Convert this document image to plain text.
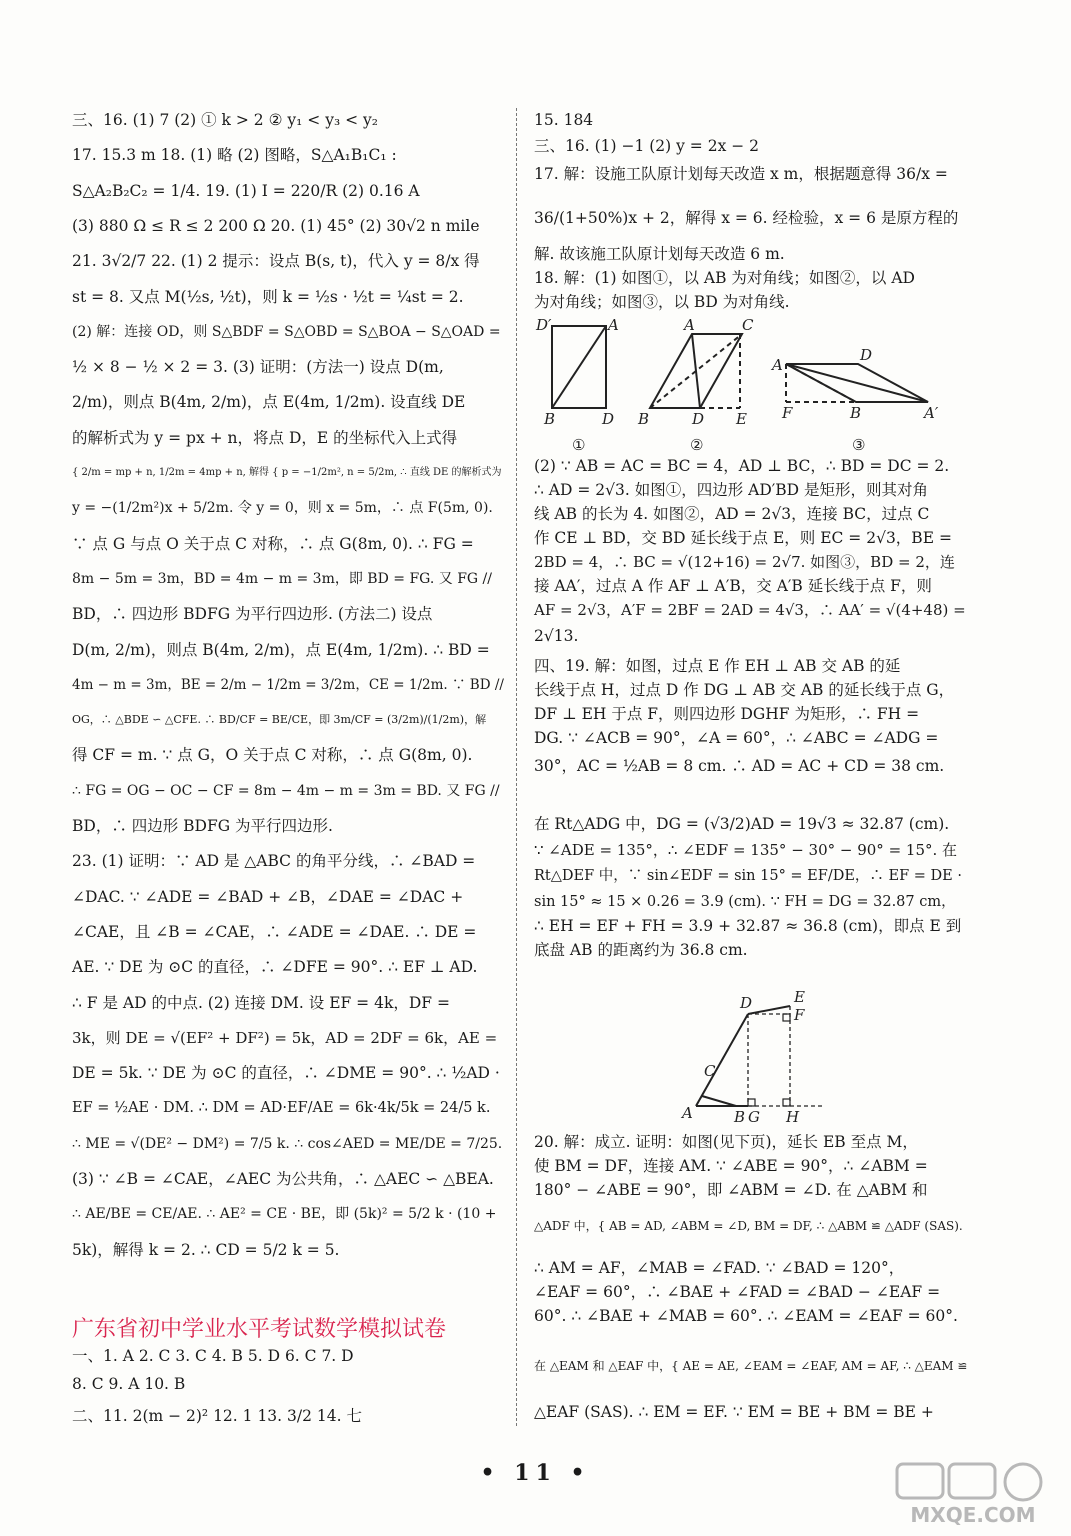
三、16. (1) 7 (2) ① k > 2 ② y₁ < y₃ < y₂
17. 15.3 m 18. (1) 略 (2) 图略，S△A₁B₁C₁ :
S△A₂B₂C₂ = 1/4. 19. (1) I = 220/R (2) 0.16 A
(3) 880 Ω ≤ R ≤ 2 200 Ω 20. (1) 45° (2) 30√2 n mile
21. 3√2/7 22. (1) 2 提示：设点 B(s, t)，代入 y = 8/x 得
st = 8. 又点 M(½s, ½t)，则 k = ½s · ½t = ¼st = 2.
(2) 解：连接 OD，则 S△BDF = S△OBD = S△BOA − S△OAD =
½ × 8 − ½ × 2 = 3. (3) 证明：(方法一) 设点 D(m,
2/m)，则点 B(4m, 2/m)，点 E(4m, 1/2m). 设直线 DE
的解析式为 y = px + n，将点 D，E 的坐标代入上式得
{ 2/m = mp + n, 1/2m = 4mp + n, 解得 { p = −1/2m², n = 5/2m, ∴ 直线 DE 的解析式为
y = −(1/2m²)x + 5/2m. 令 y = 0，则 x = 5m，∴ 点 F(5m, 0).
∵ 点 G 与点 O 关于点 C 对称，∴ 点 G(8m, 0). ∴ FG =
8m − 5m = 3m，BD = 4m − m = 3m，即 BD = FG. 又 FG //
BD，∴ 四边形 BDFG 为平行四边形. (方法二) 设点
D(m, 2/m)，则点 B(4m, 2/m)，点 E(4m, 1/2m). ∴ BD =
4m − m = 3m，BE = 2/m − 1/2m = 3/2m，CE = 1/2m. ∵ BD //
OG，∴ △BDE ∽ △CFE. ∴ BD/CF = BE/CE，即 3m/CF = (3/2m)/(1/2m)，解
得 CF = m. ∵ 点 G，O 关于点 C 对称，∴ 点 G(8m, 0).
∴ FG = OG − OC − CF = 8m − 4m − m = 3m = BD. 又 FG //
BD，∴ 四边形 BDFG 为平行四边形.
23. (1) 证明：∵ AD 是 △ABC 的角平分线，∴ ∠BAD =
∠DAC. ∵ ∠ADE = ∠BAD + ∠B，∠DAE = ∠DAC +
∠CAE，且 ∠B = ∠CAE，∴ ∠ADE = ∠DAE. ∴ DE =
AE. ∵ DE 为 ⊙C 的直径，∴ ∠DFE = 90°. ∴ EF ⊥ AD.
∴ F 是 AD 的中点. (2) 连接 DM. 设 EF = 4k，DF =
3k，则 DE = √(EF² + DF²) = 5k，AD = 2DF = 6k，AE =
DE = 5k. ∵ DE 为 ⊙C 的直径，∴ ∠DME = 90°. ∴ ½AD ·
EF = ½AE · DM. ∴ DM = AD·EF/AE = 6k·4k/5k = 24/5 k.
∴ ME = √(DE² − DM²) = 7/5 k. ∴ cos∠AED = ME/DE = 7/25.
(3) ∵ ∠B = ∠CAE，∠AEC 为公共角，∴ △AEC ∽ △BEA.
∴ AE/BE = CE/AE. ∴ AE² = CE · BE，即 (5k)² = 5/2 k · (10 +
5k)，解得 k = 2. ∴ CD = 5/2 k = 5.
广东省初中学业水平考试数学模拟试卷
一、1. A 2. C 3. C 4. B 5. D 6. C 7. D
8. C 9. A 10. B
二、11. 2(m − 2)² 12. 1 13. 3/2 14. 七
15. 184
三、16. (1) −1 (2) y = 2x − 2
17. 解：设施工队原计划每天改造 x m，根据题意得 36/x =
36/(1+50%)x + 2，解得 x = 6. 经检验，x = 6 是原方程的
解. 故该施工队原计划每天改造 6 m.
18. 解：(1) 如图①，以 AB 为对角线；如图②，以 AD
为对角线；如图③，以 BD 为对角线.
(2) ∵ AB = AC = BC = 4，AD ⊥ BC，∴ BD = DC = 2.
∴ AD = 2√3. 如图①，四边形 AD′BD 是矩形，则其对角
线 AB 的长为 4. 如图②，AD = 2√3，连接 BC，过点 C
作 CE ⊥ BD，交 BD 延长线于点 E，则 EC = 2√3，BE =
2BD = 4，∴ BC = √(12+16) = 2√7. 如图③，BD = 2，连
接 AA′，过点 A 作 AF ⊥ A′B，交 A′B 延长线于点 F，则
AF = 2√3，A′F = 2BF = 2AD = 4√3，∴ AA′ = √(4+48) =
2√13.
四、19. 解：如图，过点 E 作 EH ⊥ AB 交 AB 的延
长线于点 H，过点 D 作 DG ⊥ AB 交 AB 的延长线于点 G，
DF ⊥ EH 于点 F，则四边形 DGHF 为矩形，∴ FH =
DG. ∵ ∠ACB = 90°，∠A = 60°，∴ ∠ABC = ∠ADG =
30°，AC = ½AB = 8 cm. ∴ AD = AC + CD = 38 cm.
在 Rt△ADG 中，DG = (√3/2)AD = 19√3 ≈ 32.87 (cm).
∵ ∠ADE = 135°，∴ ∠EDF = 135° − 30° − 90° = 15°. 在
Rt△DEF 中，∵ sin∠EDF = sin 15° = EF/DE，∴ EF = DE ·
sin 15° ≈ 15 × 0.26 = 3.9 (cm). ∵ FH = DG = 32.87 cm，
∴ EH = EF + FH = 3.9 + 32.87 ≈ 36.8 (cm)，即点 E 到
底盘 AB 的距离约为 36.8 cm.
20. 解：成立. 证明：如图(见下页)，延长 EB 至点 M，
使 BM = DF，连接 AM. ∵ ∠ABE = 90°，∴ ∠ABM =
180° − ∠ABE = 90°，即 ∠ABM = ∠D. 在 △ABM 和
△ADF 中，{ AB = AD, ∠ABM = ∠D, BM = DF, ∴ △ABM ≌ △ADF (SAS).
∴ AM = AF，∠MAB = ∠FAD. ∵ ∠BAD = 120°，
∠EAF = 60°，∴ ∠BAE + ∠FAD = ∠BAD − ∠EAF =
60°. ∴ ∠BAE + ∠MAB = 60°. ∴ ∠EAM = ∠EAF = 60°.
在 △EAM 和 △EAF 中，{ AE = AE, ∠EAM = ∠EAF, AM = AF, ∴ △EAM ≌
△EAF (SAS). ∴ EM = EF. ∵ EM = BE + BM = BE +
D′	A
B	D
A	C
B	D E
A
D
F	B	A′
①	②	③
D	E
F
C
A	B G H
• 11 •
MXQE.COM
